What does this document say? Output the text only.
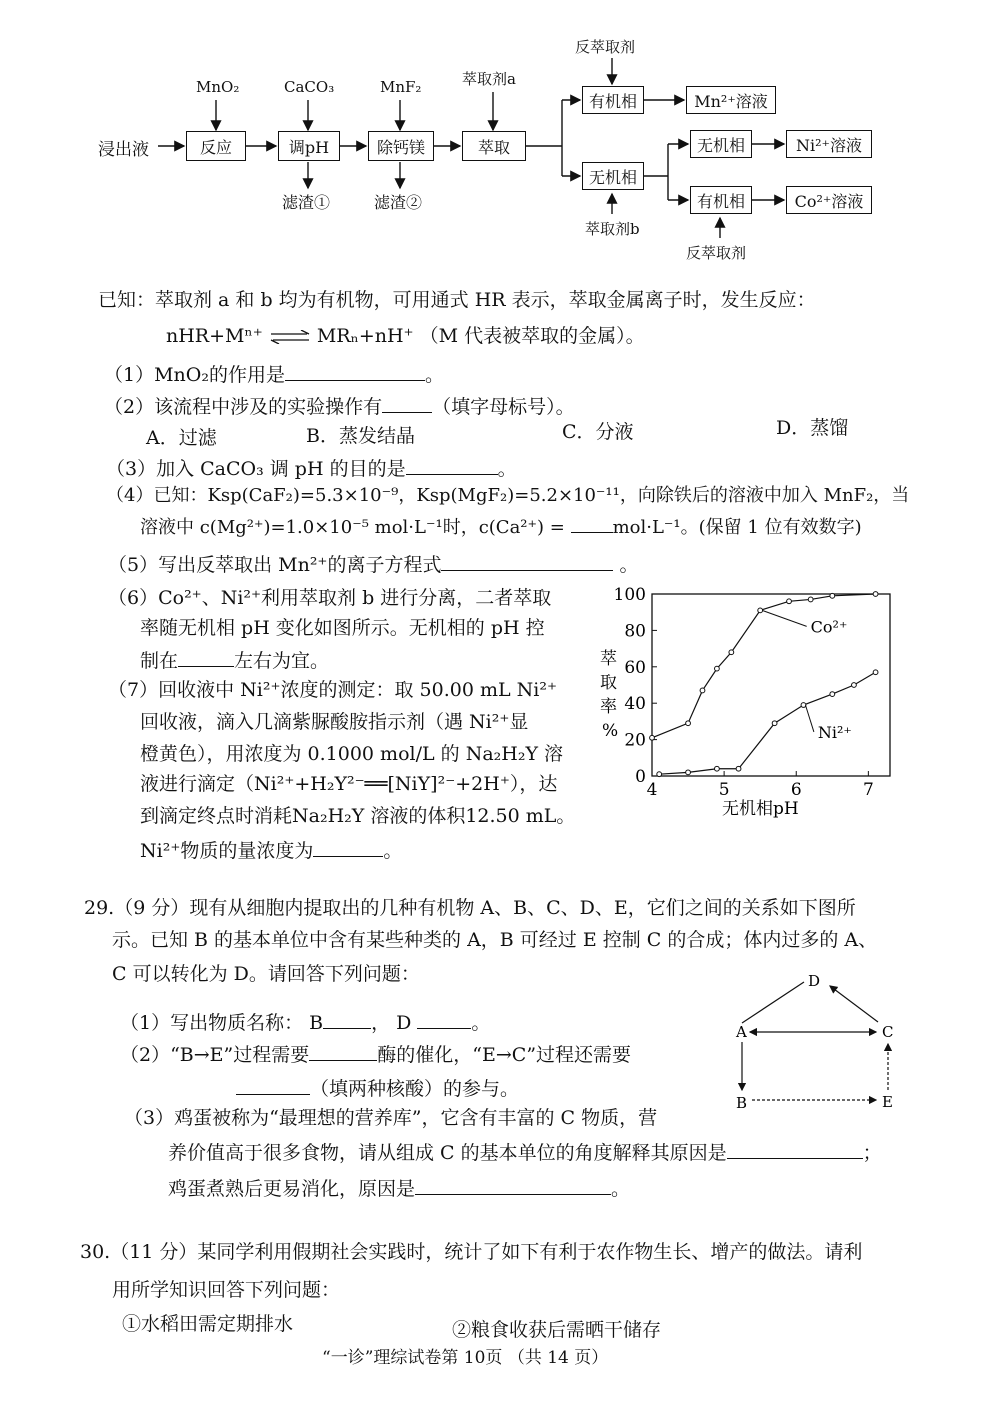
浸出液
MnO₂	CaCO₃	MnF₂	萃取剂a
反萃取剂
萃取剂b
反萃取剂
反应	调pH	除钙镁	萃取
有机相
无机相
无机相
有机相
Mn²⁺溶液
Ni²⁺溶液
Co²⁺溶液
滤渣①	滤渣②
已知：萃取剂 a 和 b 均为有机物，可用通式 HR 表示，萃取金属离子时，发生反应：
nHR+Mⁿ⁺ ⇌ MRₙ+nH⁺ （M 代表被萃取的金属）。
（1）MnO₂的作用是	。
（2）该流程中涉及的实验操作有	（填字母标号）。
A．过滤	B．蒸发结晶	C．分液	D．蒸馏
（3）加入 CaCO₃ 调 pH 的目的是	。
（4）已知：Ksp(CaF₂)=5.3×10⁻⁹，Ksp(MgF₂)=5.2×10⁻¹¹，向除铁后的溶液中加入 MnF₂，当
溶液中 c(Mg²⁺)=1.0×10⁻⁵ mol·L⁻¹时，c(Ca²⁺) =	mol·L⁻¹。(保留 1 位有效数字)
（5）写出反萃取出 Mn²⁺的离子方程式	。
（6）Co²⁺、Ni²⁺利用萃取剂 b 进行分离，二者萃取
率随无机相 pH 变化如图所示。无机相的 pH 控
制在	左右为宜。
（7）回收液中 Ni²⁺浓度的测定：取 50.00 mL Ni²⁺
回收液，滴入几滴紫脲酸胺指示剂（遇 Ni²⁺显
橙黄色），用浓度为 0.1000 mol/L 的 Na₂H₂Y 溶
液进行滴定（Ni²⁺+H₂Y²⁻══[NiY]²⁻+2H⁺），达
到滴定终点时消耗Na₂H₂Y 溶液的体积12.50 mL。
Ni²⁺物质的量浓度为	。
0
20
40
60
80
100
4	5	6	7
Co²⁺
Ni²⁺
萃
取
率
%
无机相pH
29.（9 分）现有从细胞内提取出的几种有机物 A、B、C、D、E，它们之间的关系如下图所
示。已知 B 的基本单位中含有某些种类的 A，B 可经过 E 控制 C 的合成；体内过多的 A、
C 可以转化为 D。请回答下列问题：
（1）写出物质名称： B	， D	。
（2）“B→E”过程需要	酶的催化，“E→C”过程还需要
（填两种核酸）的参与。
（3）鸡蛋被称为“最理想的营养库”，它含有丰富的 C 物质，营
养价值高于很多食物，请从组成 C 的基本单位的角度解释其原因是	；
鸡蛋煮熟后更易消化，原因是	。
A
B
C
D
E
30.（11 分）某同学利用假期社会实践时，统计了如下有利于农作物生长、增产的做法。请利
用所学知识回答下列问题：
①水稻田需定期排水	②粮食收获后需晒干储存
“一诊”理综试卷第 10页 （共 14 页）
